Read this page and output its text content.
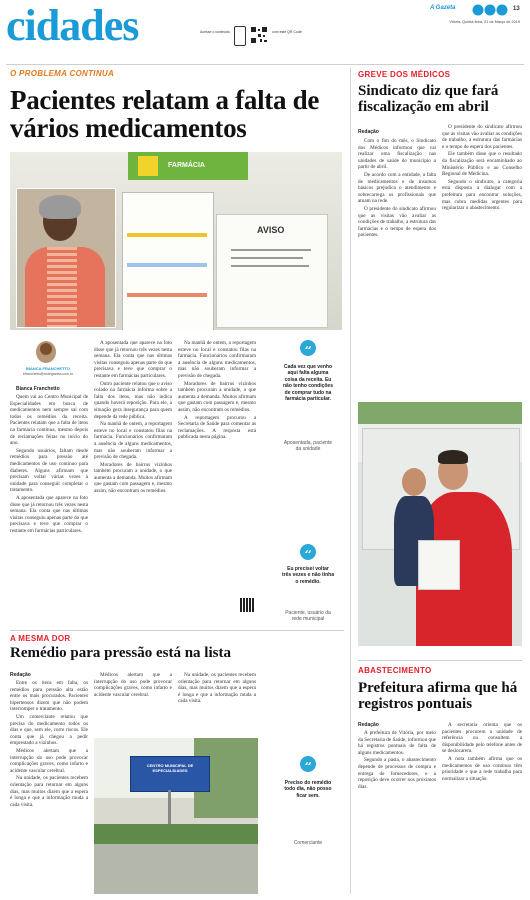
cidades	Acesse o conteúdo	com este QR Code
A Gazeta	13
Vitória, Quinta-feira, 21 de Março de 2019
O PROBLEMA CONTINUA
Pacientes relatam a falta de vários medicamentos
FARMÁCIA
AVISO
BIANCA FRANCHETTO
bfranchetto@redegazeta.com.br
Bianca Franchetto

Quem vai ao Centro Municipal de Especialidades em busca de medicamentos nem sempre sai com todos os remédios da receita. Pacientes relatam que a falta de itens na farmácia continua, mesmo depois de reclamações feitas no início do ano.

Segundo usuários, faltam desde remédios para pressão até medicamentos de uso contínuo para diabetes. Alguns afirmam que precisam voltar várias vezes à unidade para conseguir completar o tratamento.

A aposentada que aparece na foto disse que já retornou três vezes nesta semana. Ela conta que nas últimas visitas conseguiu apenas parte do que precisava e teve que comprar o restante em farmácias particulares.

A aposentada que aparece na foto disse que já retornou três vezes nesta semana. Ela conta que nas últimas visitas conseguiu apenas parte do que precisava e teve que comprar o restante em farmácias particulares.

Outro paciente relatou que o aviso colado na farmácia informa sobre a falta dos itens, mas não indica quando haverá reposição. Para ele, a situação gera insegurança para quem depende da rede pública.

Na manhã de ontem, a reportagem esteve no local e constatou filas na farmácia. Funcionários confirmaram a ausência de alguns medicamentos, mas não souberam informar a previsão de chegada.

Moradores de bairros vizinhos também procuram a unidade, o que aumenta a demanda. Muitos afirmam que gastam com passagem e, mesmo assim, não encontram os remédios.

Na manhã de ontem, a reportagem esteve no local e constatou filas na farmácia. Funcionários confirmaram a ausência de alguns medicamentos, mas não souberam informar a previsão de chegada.

Moradores de bairros vizinhos também procuram a unidade, o que aumenta a demanda. Muitos afirmam que gastam com passagem e, mesmo assim, não encontram os remédios.

A reportagem procurou a Secretaria de Saúde para comentar as reclamações. A resposta está publicada nesta página.

Cada vez que venho aqui falta alguma coisa da receita. Eu não tenho condições de comprar tudo na farmácia particular.
Aposentada, paciente da unidade
Eu precisei voltar três vezes e não tinha o remédio.
Paciente, usuário da rede municipal
GREVE DOS MÉDICOS
Sindicato diz que fará fiscalização em abril
Redação

Com o fim do mês, o Sindicato dos Médicos informou que vai realizar uma fiscalização nas unidades de saúde do município a partir de abril.

De acordo com a entidade, a falta de medicamentos e de insumos básicos prejudica o atendimento e sobrecarrega os profissionais que atuam na rede.

O presidente do sindicato afirmou que as visitas vão avaliar as condições de trabalho, a estrutura das farmácias e o tempo de espera dos pacientes.

O presidente do sindicato afirmou que as visitas vão avaliar as condições de trabalho, a estrutura das farmácias e o tempo de espera dos pacientes.

Ele também disse que o resultado da fiscalização será encaminhado ao Ministério Público e ao Conselho Regional de Medicina.

Segundo o sindicato, a categoria está disposta a dialogar com a prefeitura para encontrar soluções, mas cobra medidas urgentes para regularizar o abastecimento.

A MESMA DOR
Remédio para pressão está na lista
Redação

Entre os itens em falta, os remédios para pressão alta estão entre os mais procurados. Pacientes hipertensos dizem que não podem interromper o tratamento.

Um comerciante relatou que precisa do medicamento todos os dias e que, sem ele, corre riscos. Ele conta que já chegou a pedir emprestado a vizinhos.

Médicos alertam que a interrupção do uso pode provocar complicações graves, como infarto e acidente vascular cerebral.

Na unidade, os pacientes recebem orientação para retornar em alguns dias, mas muitos dizem que a espera é longa e que a informação muda a cada visita.

Médicos alertam que a interrupção do uso pode provocar complicações graves, como infarto e acidente vascular cerebral.

Na unidade, os pacientes recebem orientação para retornar em alguns dias, mas muitos dizem que a espera é longa e que a informação muda a cada visita.

CENTRO MUNICIPAL DE ESPECIALIDADES
Preciso do remédio todo dia, não posso ficar sem.
Comerciante
ABASTECIMENTO
Prefeitura afirma que há registros pontuais
Redação

A prefeitura de Vitória, por meio da Secretaria de Saúde, informou que há registros pontuais de falta de alguns medicamentos.

Segundo a pasta, o abastecimento depende de processos de compra e entrega de fornecedores, e a reposição deve ocorrer nos próximos dias.

A secretaria orienta que os pacientes procurem a unidade de referência ou consultem a disponibilidade pelo telefone antes de se deslocarem.

A nota também afirma que os medicamentos de uso contínuo têm prioridade e que a rede trabalha para normalizar a situação.
